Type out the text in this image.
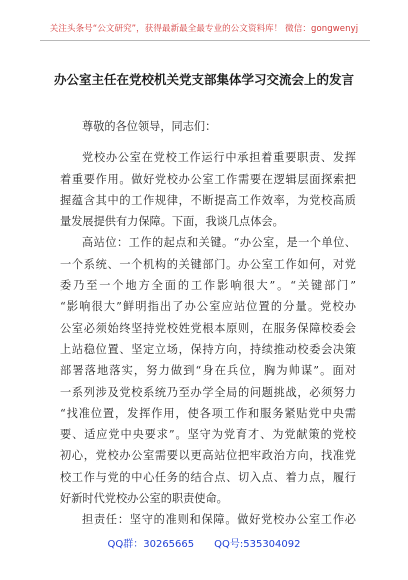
关注头条号“公文研究”，获得最新最全最专业的公文资料库！ 微信：gongwenyj
办公室主任在党校机关党支部集体学习交流会上的发言
尊敬的各位领导，同志们：
党校办公室在党校工作运行中承担着重要职责、发挥
着重要作用。做好党校办公室工作需要在逻辑层面探索把
握蕴含其中的工作规律，不断提高工作效率，为党校高质
量发展提供有力保障。下面，我谈几点体会。
高站位：工作的起点和关键。“办公室，是一个单位、
一个系统、一个机构的关键部门。办公室工作如何，对党
委乃至一个地方全面的工作影响很大”。“关键部门”
“影响很大”鲜明指出了办公室应站位置的分量。党校办
公室必须始终坚持党校姓党根本原则，在服务保障校委会
上站稳位置、坚定立场，保持方向，持续推动校委会决策
部署落地落实，努力做到“身在兵位，胸为帅谋”。面对
一系列涉及党校系统乃至办学全局的问题挑战，必须努力
“找准位置，发挥作用，使各项工作和服务紧贴党中央需
要、适应党中央要求”。坚守为党育才、为党献策的党校
初心，党校办公室需要以更高站位把牢政治方向，找准党
校工作与党的中心任务的结合点、切入点、着力点，履行
好新时代党校办公室的职责使命。
担责任：坚守的准则和保障。做好党校办公室工作必
QQ群：30265665 QQ号:535304092
